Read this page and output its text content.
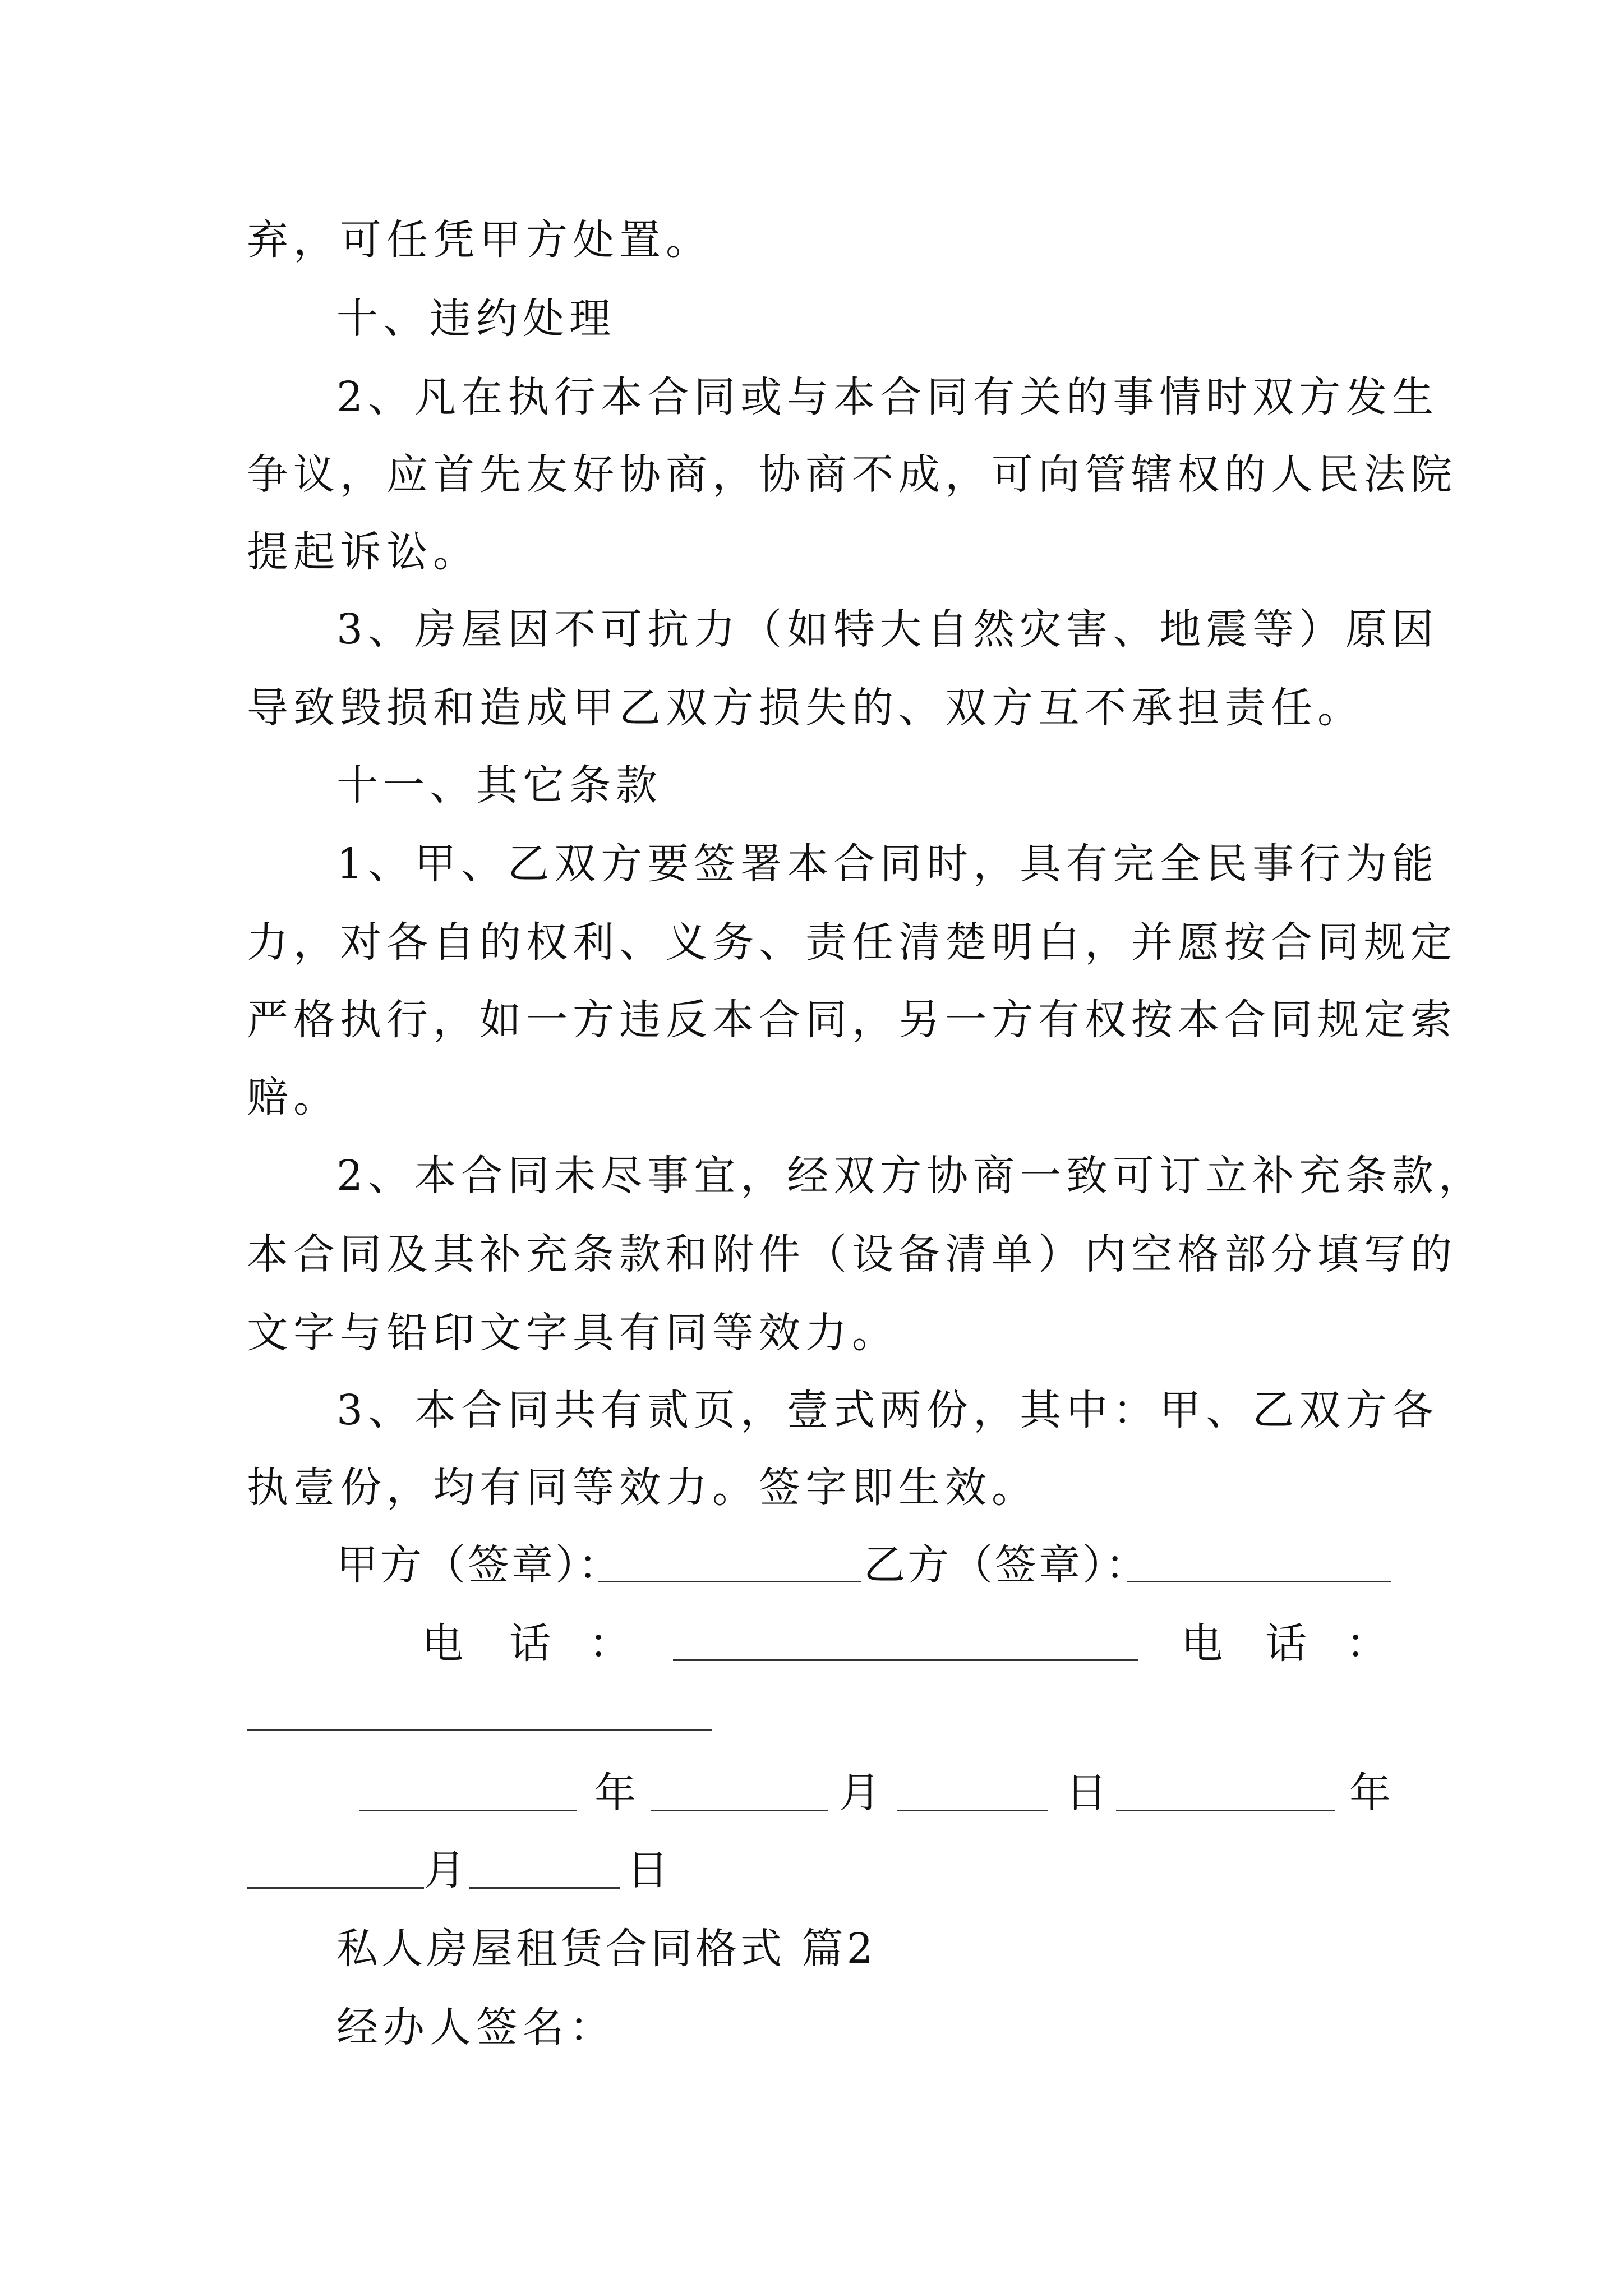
弃，可任凭甲方处置。
十、违约处理
2、凡在执行本合同或与本合同有关的事情时双方发生
争议，应首先友好协商，协商不成，可向管辖权的人民法院
提起诉讼。
3、房屋因不可抗力（如特大自然灾害、地震等）原因
导致毁损和造成甲乙双方损失的、双方互不承担责任。
十一、其它条款
1、甲、乙双方要签署本合同时，具有完全民事行为能
力，对各自的权利、义务、责任清楚明白，并愿按合同规定
严格执行，如一方违反本合同，另一方有权按本合同规定索
赔。
2、本合同未尽事宜，经双方协商一致可订立补充条款，
本合同及其补充条款和附件（设备清单）内空格部分填写的
文字与铅印文字具有同等效力。
3、本合同共有贰页，壹式两份，其中：甲、乙双方各
执壹份，均有同等效力。签字即生效。
甲方（签章）：	乙方（签章）：
电 话 ：	电 话 ：
年	月	日	年
月	日
私人房屋租赁合同格式 篇2
经办人签名：
